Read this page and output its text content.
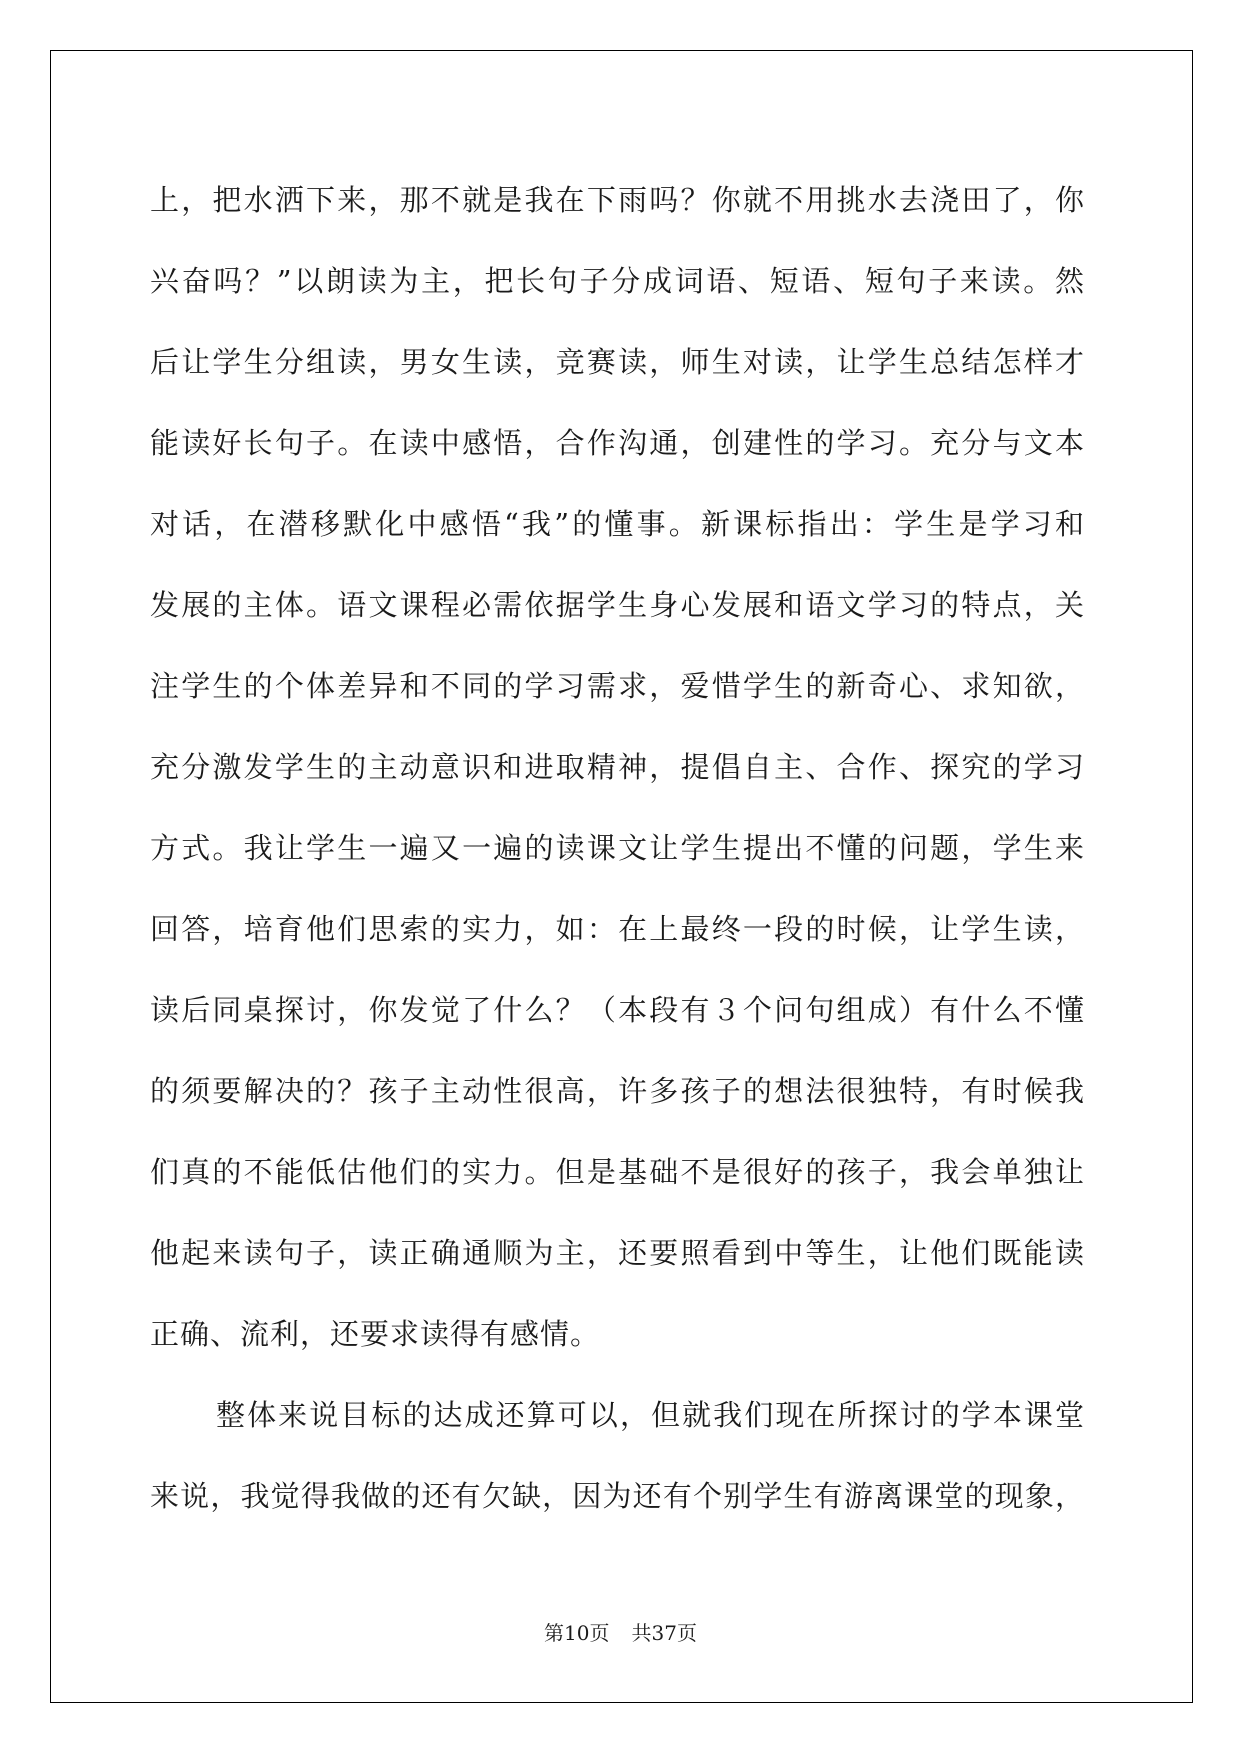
上，把水洒下来，那不就是我在下雨吗？你就不用挑水去浇田了，你
兴奋吗？”以朗读为主，把长句子分成词语、短语、短句子来读。然
后让学生分组读，男女生读，竞赛读，师生对读，让学生总结怎样才
能读好长句子。在读中感悟，合作沟通，创建性的学习。充分与文本
对话，在潜移默化中感悟“我”的懂事。新课标指出：学生是学习和
发展的主体。语文课程必需依据学生身心发展和语文学习的特点，关
注学生的个体差异和不同的学习需求，爱惜学生的新奇心、求知欲，
充分激发学生的主动意识和进取精神，提倡自主、合作、探究的学习
方式。我让学生一遍又一遍的读课文让学生提出不懂的问题，学生来
回答，培育他们思索的实力，如：在上最终一段的时候，让学生读，
读后同桌探讨，你发觉了什么？（本段有３个问句组成）有什么不懂
的须要解决的？孩子主动性很高，许多孩子的想法很独特，有时候我
们真的不能低估他们的实力。但是基础不是很好的孩子，我会单独让
他起来读句子，读正确通顺为主，还要照看到中等生，让他们既能读
正确、流利，还要求读得有感情。
整体来说目标的达成还算可以，但就我们现在所探讨的学本课堂
来说，我觉得我做的还有欠缺，因为还有个别学生有游离课堂的现象，
第10页 共37页
